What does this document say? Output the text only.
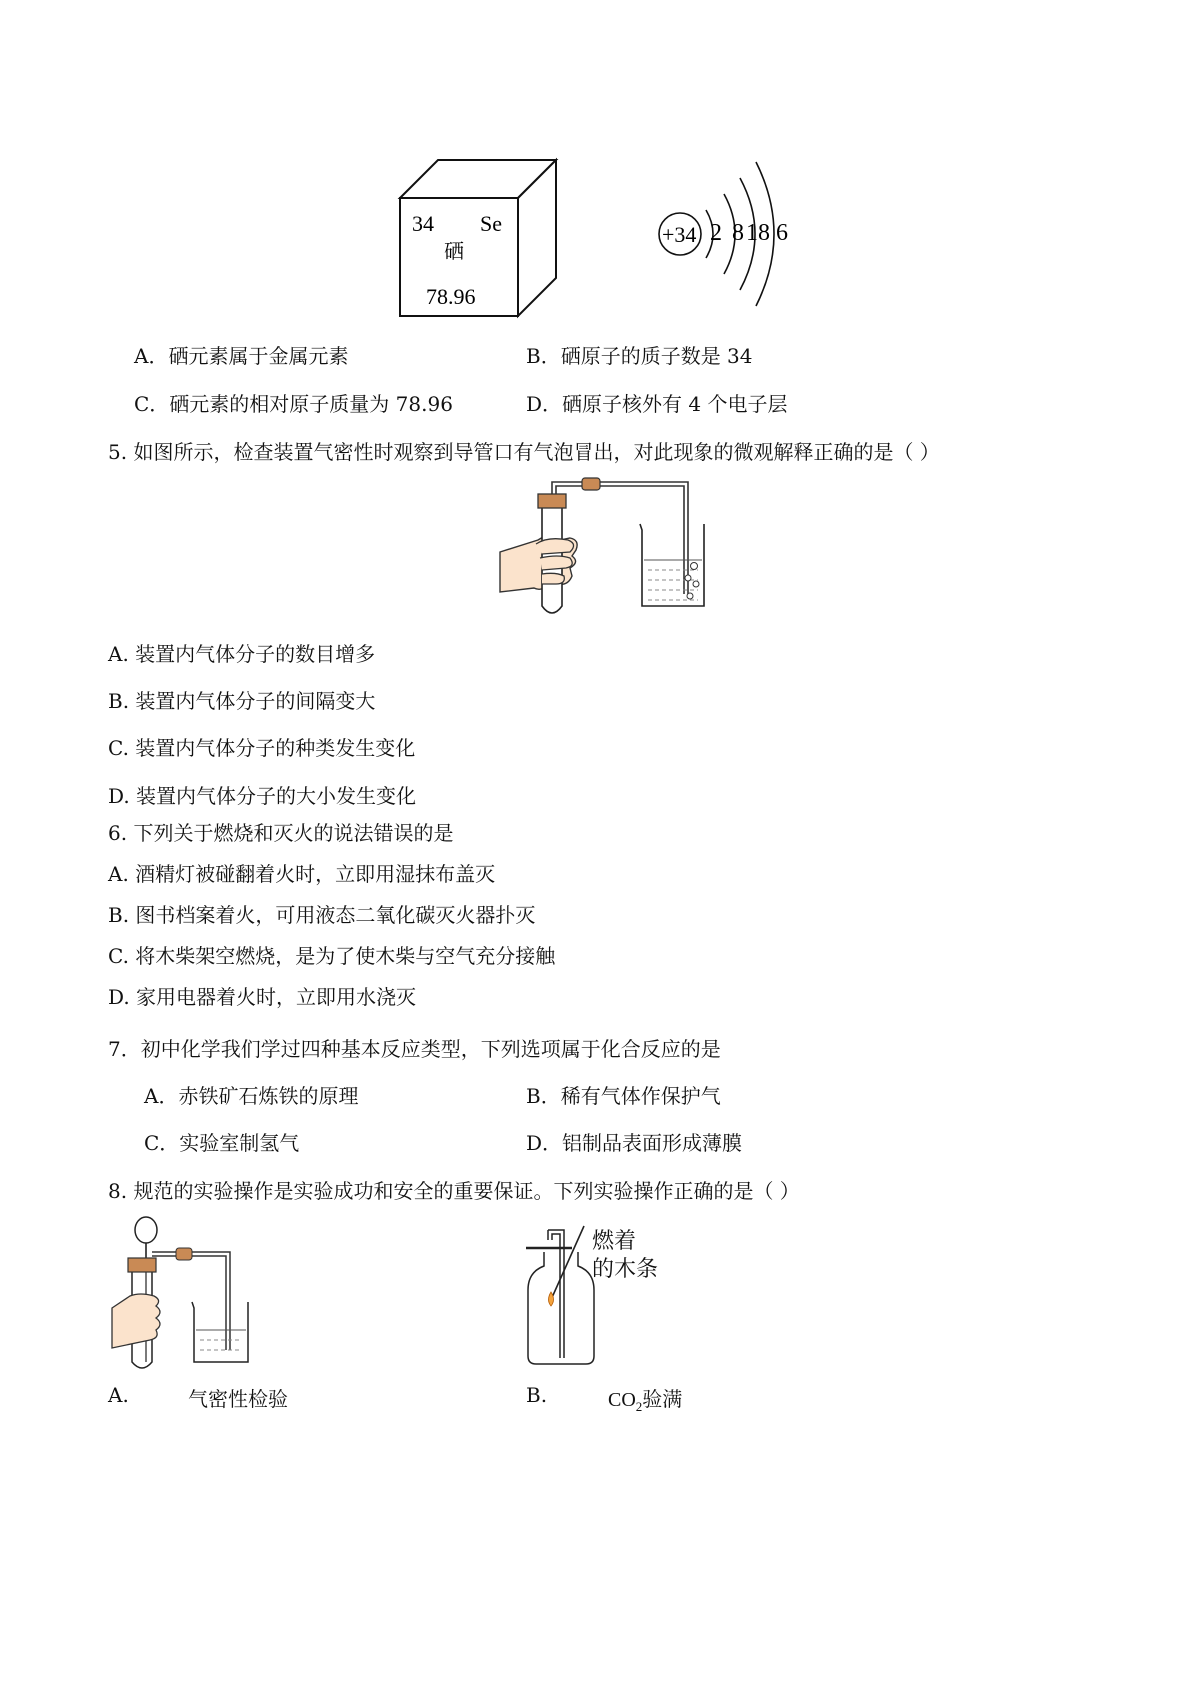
34 Se
硒
78.96
+34 2 8 18 6
A．硒元素属于金属元素	B．硒原子的质子数是 34
C．硒元素的相对原子质量为 78.96	D．硒原子核外有 4 个电子层
5. 如图所示，检查装置气密性时观察到导管口有气泡冒出，对此现象的微观解释正确的是（ ）
A. 装置内气体分子的数目增多
B. 装置内气体分子的间隔变大
C. 装置内气体分子的种类发生变化
D. 装置内气体分子的大小发生变化
6. 下列关于燃烧和灭火的说法错误的是
A. 酒精灯被碰翻着火时，立即用湿抹布盖灭
B. 图书档案着火，可用液态二氧化碳灭火器扑灭
C. 将木柴架空燃烧，是为了使木柴与空气充分接触
D. 家用电器着火时，立即用水浇灭
7．初中化学我们学过四种基本反应类型，下列选项属于化合反应的是
A．赤铁矿石炼铁的原理	B．稀有气体作保护气
C．实验室制氢气	D．铝制品表面形成薄膜
8. 规范的实验操作是实验成功和安全的重要保证。下列实验操作正确的是（ ）
燃着
的木条
A.	气密性检验	B.	$CO_2$验满
